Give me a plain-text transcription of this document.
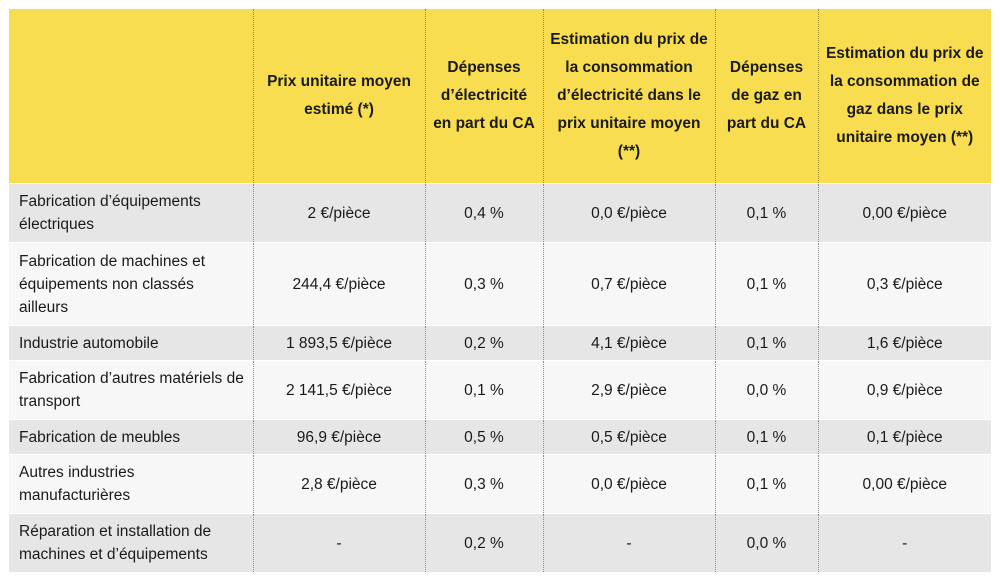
	Prix unitaire moyen estimé (*)	Dépenses d’électricité en part du CA	Estimation du prix de la consommation d’électricité dans le prix unitaire moyen (**)	Dépenses de gaz en part du CA	Estimation du prix de la consommation de gaz dans le prix unitaire moyen (**)
Fabrication d’équipements électriques	2 €/pièce	0,4 %	0,0 €/pièce	0,1 %	0,00 €/pièce
Fabrication de machines et équipements non classés ailleurs	244,4 €/pièce	0,3 %	0,7 €/pièce	0,1 %	0,3 €/pièce
Industrie automobile	1 893,5 €/pièce	0,2 %	4,1 €/pièce	0,1 %	1,6 €/pièce
Fabrication d’autres matériels de transport	2 141,5 €/pièce	0,1 %	2,9 €/pièce	0,0 %	0,9 €/pièce
Fabrication de meubles	96,9 €/pièce	0,5 %	0,5 €/pièce	0,1 %	0,1 €/pièce
Autres industries manufacturières	2,8 €/pièce	0,3 %	0,0 €/pièce	0,1 %	0,00 €/pièce
Réparation et installation de machines et d’équipements	-	0,2 %	-	0,0 %	-
